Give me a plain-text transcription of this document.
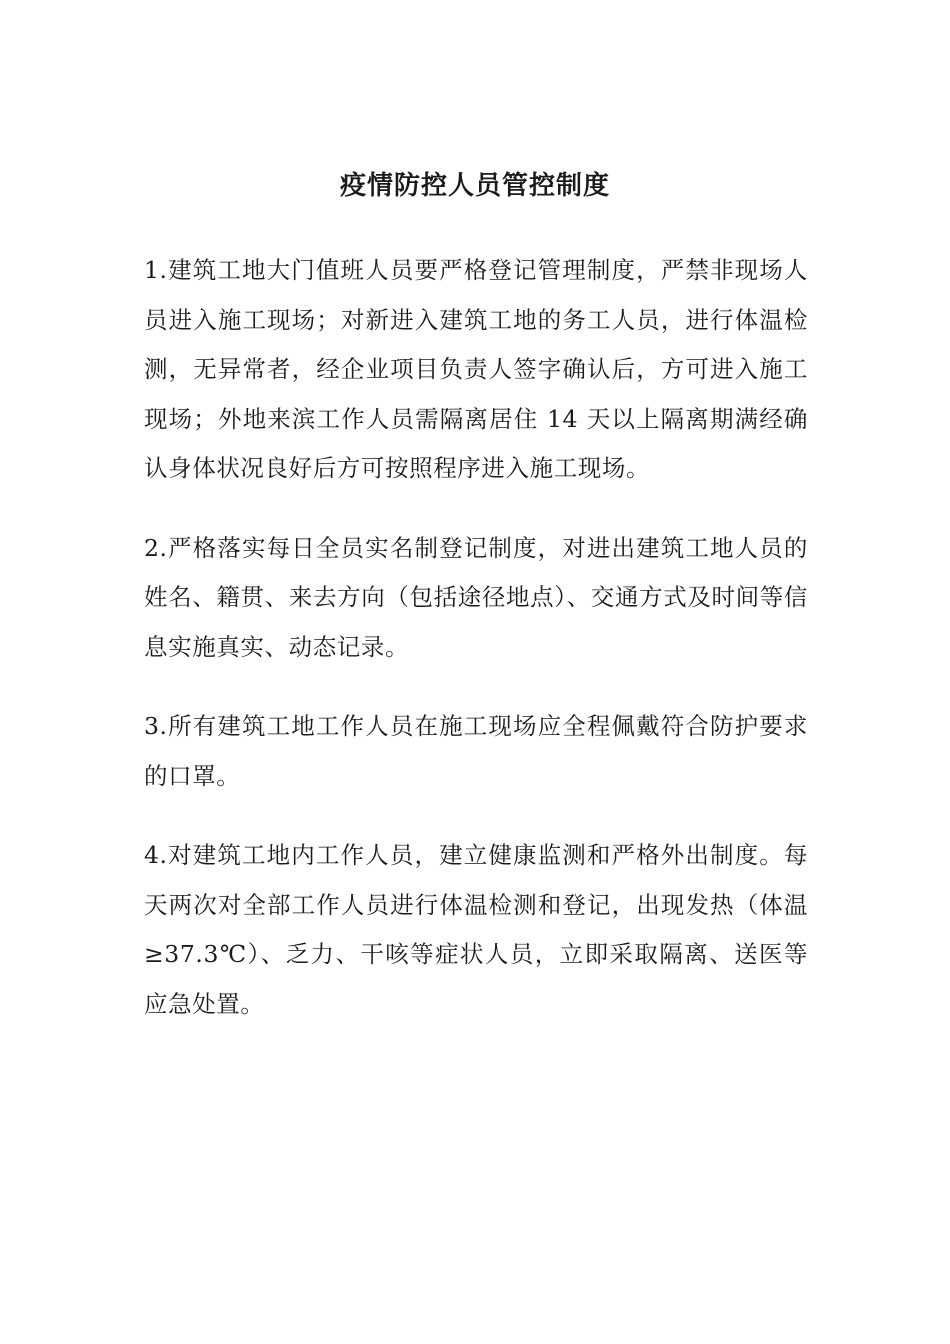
疫情防控人员管控制度

1.建筑工地大门值班人员要严格登记管理制度，严禁非现场人员进入施工现场；对新进入建筑工地的务工人员，进行体温检测，无异常者，经企业项目负责人签字确认后，方可进入施工现场；外地来滨工作人员需隔离居住 14 天以上隔离期满经确认身体状况良好后方可按照程序进入施工现场。

2.严格落实每日全员实名制登记制度，对进出建筑工地人员的姓名、籍贯、来去方向（包括途径地点）、交通方式及时间等信息实施真实、动态记录。

3.所有建筑工地工作人员在施工现场应全程佩戴符合防护要求的口罩。

4.对建筑工地内工作人员，建立健康监测和严格外出制度。每天两次对全部工作人员进行体温检测和登记，出现发热（体温≥37.3℃）、乏力、干咳等症状人员，立即采取隔离、送医等应急处置。
